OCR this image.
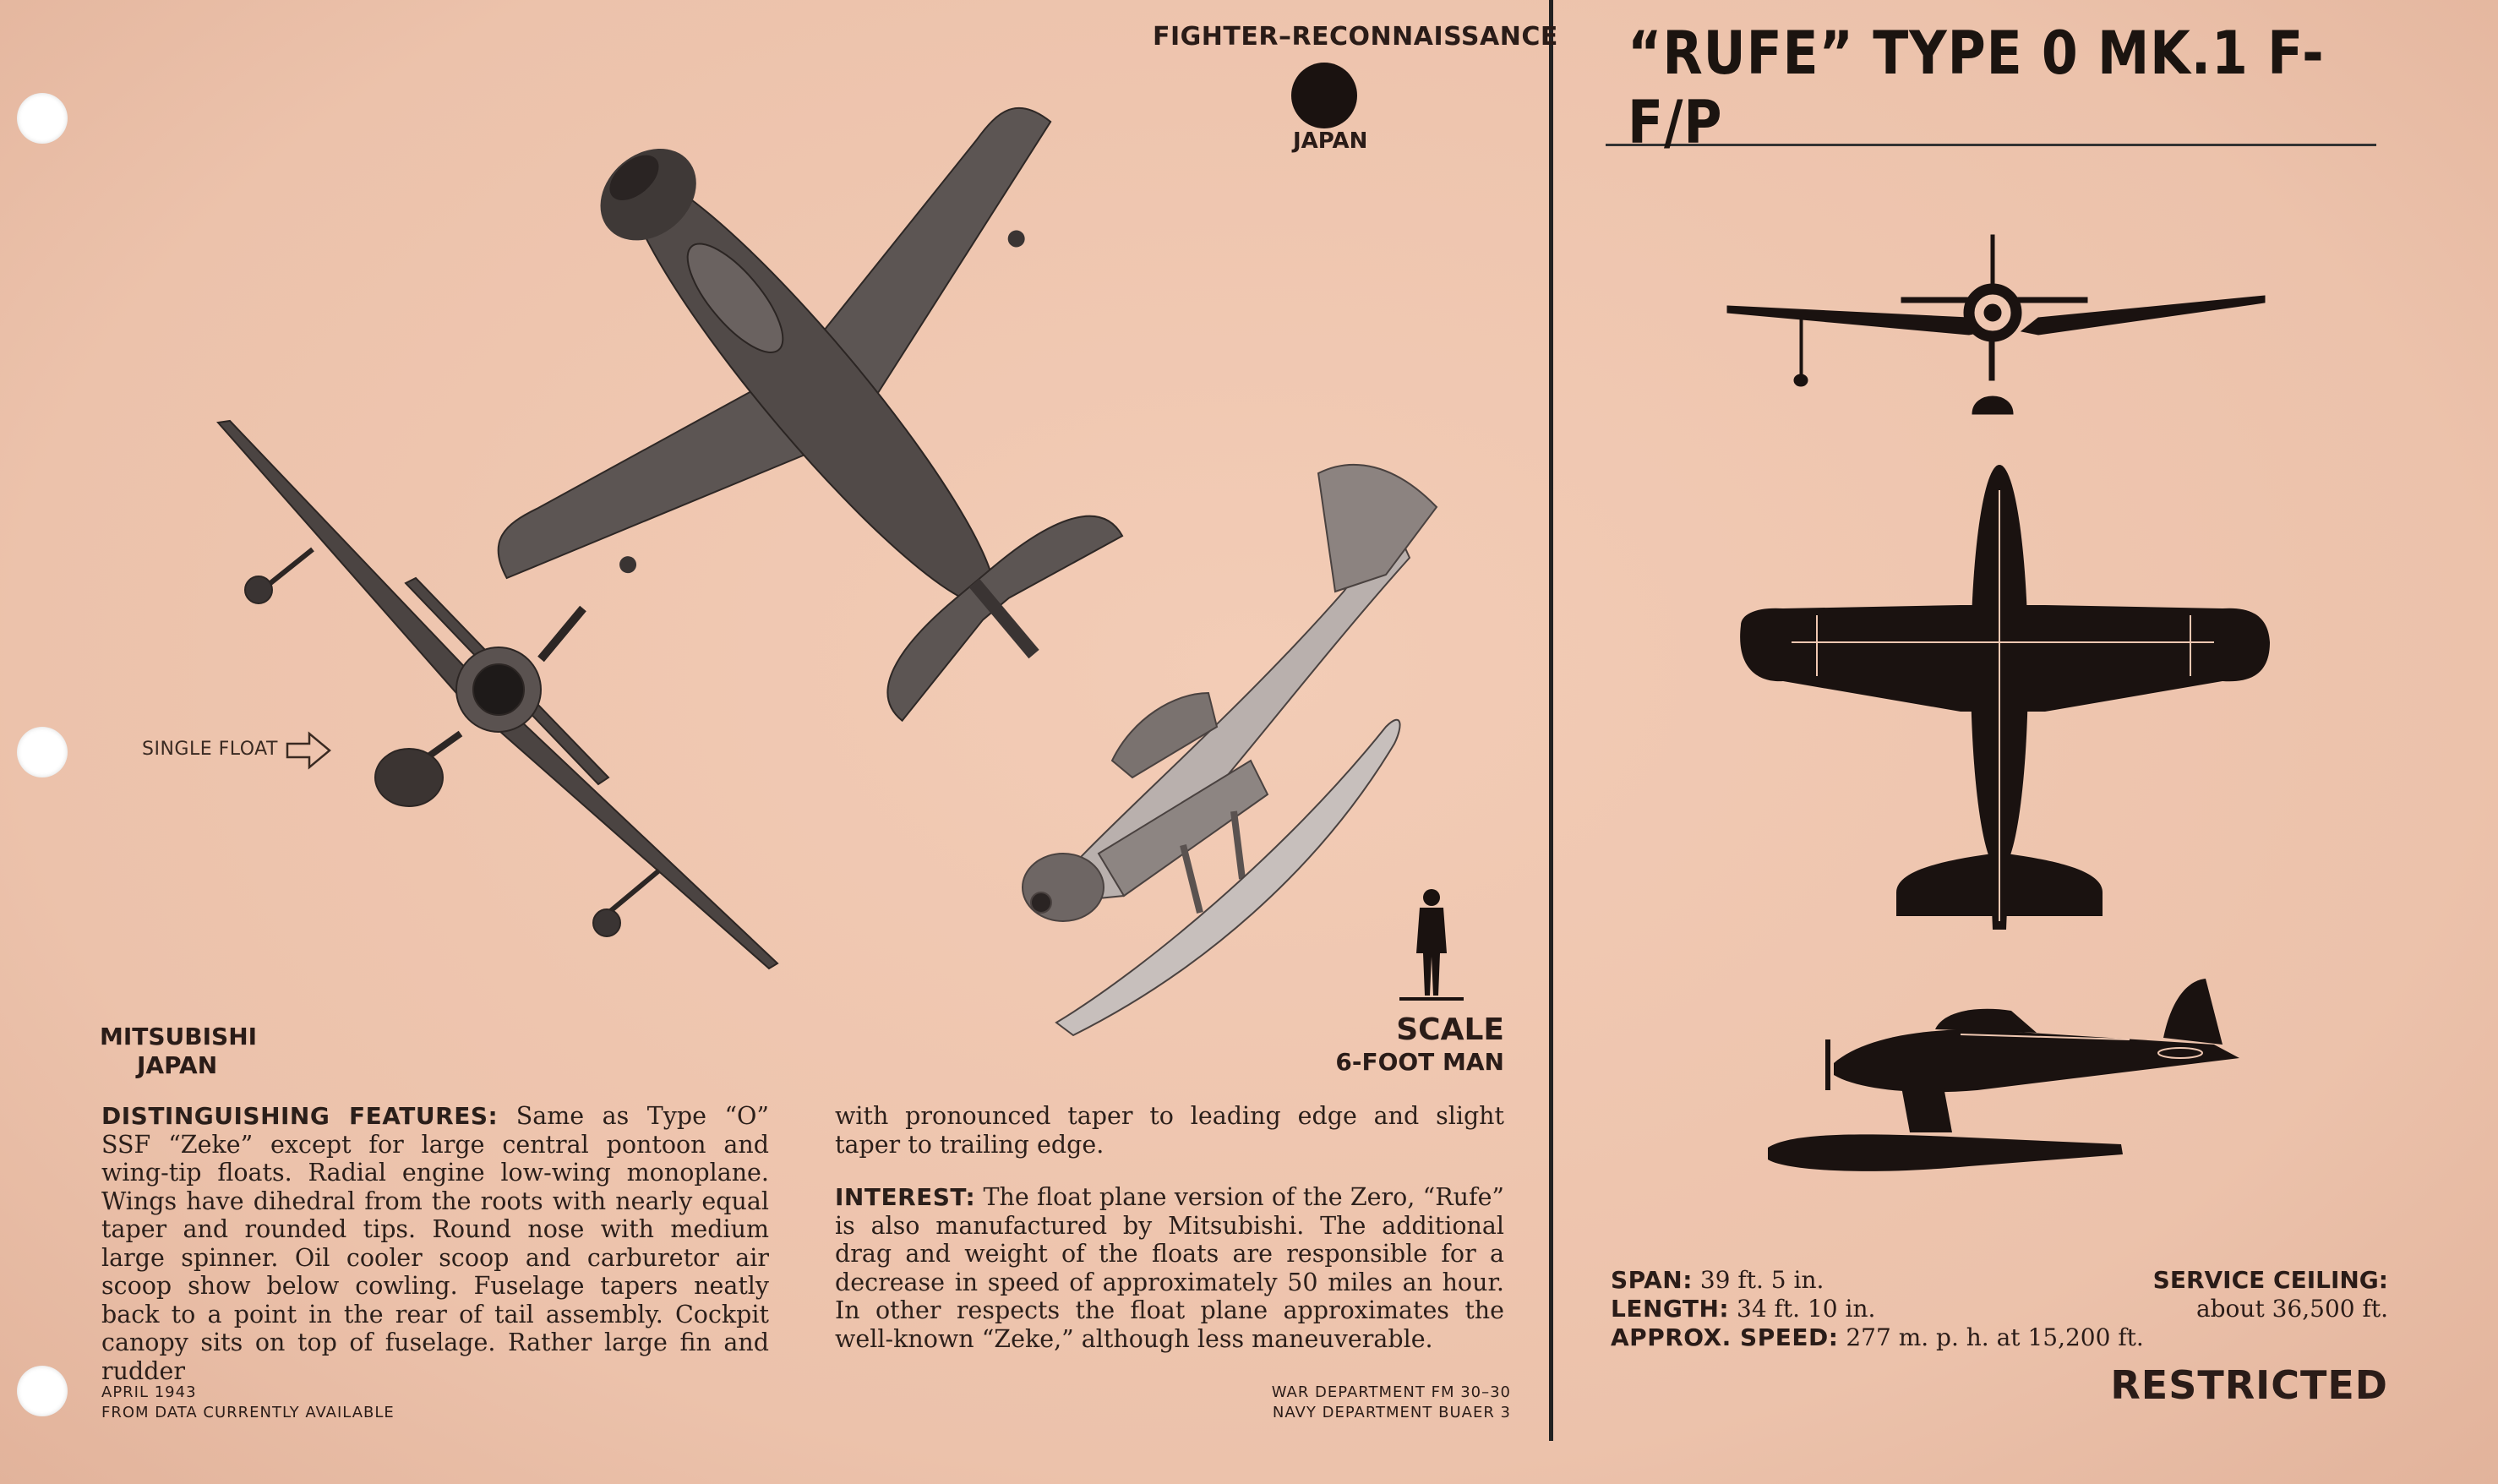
FIGHTER–RECONNAISSANCE
JAPAN
“RUFE” TYPE 0 MK.1 F-F/P
SINGLE FLOAT
SCALE
6-FOOT MAN
MITSUBISHI
JAPAN
DISTINGUISHING FEATURES: Same as Type “O” SSF “Zeke” except for large central pontoon and wing-tip floats. Radial engine low-wing monoplane. Wings have dihedral from the roots with nearly equal taper and rounded tips. Round nose with medium large spinner. Oil cooler scoop and carburetor air scoop show below cowling. Fuselage tapers neatly back to a point in the rear of tail assembly. Cockpit canopy sits on top of fuselage. Rather large fin and rudder
with pronounced taper to leading edge and slight taper to trailing edge.
INTEREST: The float plane version of the Zero, “Rufe” is also manufactured by Mitsubishi. The additional drag and weight of the floats are responsible for a decrease in speed of approximately 50 miles an hour. In other respects the float plane approximates the well-known “Zeke,” although less maneuverable.
APRIL 1943
FROM DATA CURRENTLY AVAILABLE
WAR DEPARTMENT FM 30–30
NAVY DEPARTMENT BUAER 3
SPAN: 39 ft. 5 in.
LENGTH: 34 ft. 10 in.
APPROX. SPEED: 277 m. p. h. at 15,200 ft.
SERVICE CEILING:
about 36,500 ft.
RESTRICTED
